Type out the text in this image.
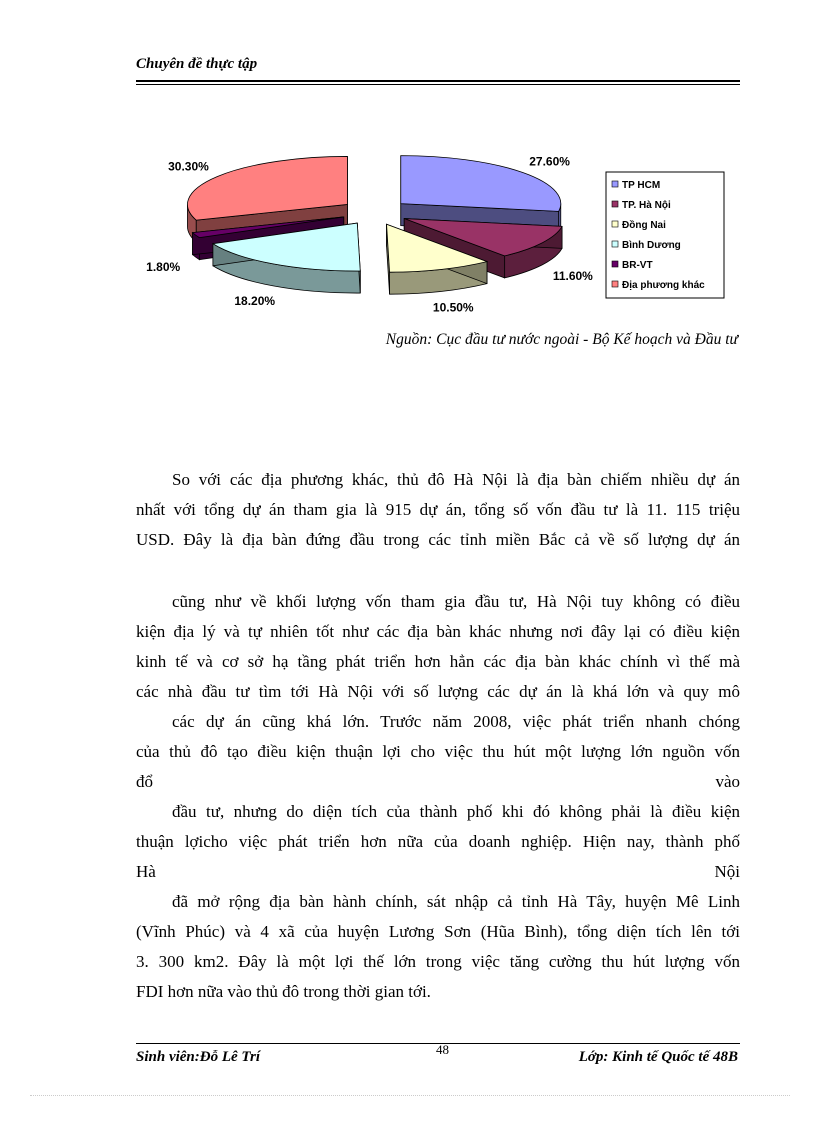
Chuyên đề thực tập
27.60%
11.60%
10.50%
18.20%
1.80%
30.30%
TP HCM
TP. Hà Nội
Đồng Nai
Bình Dương
BR-VT
Địa phương khác
Nguồn: Cục đầu tư nước ngoài - Bộ Kế hoạch và Đầu tư
So với các địa phương khác, thủ đô Hà Nội là địa bàn chiếm nhiều dự án
nhất với tổng dự án tham gia là 915 dự án, tổng số vốn đầu tư là 11. 115 triệu
USD. Đây là địa bàn đứng đầu trong các tỉnh miền Bắc cả về số lượng dự án
cũng như về khối lượng vốn tham gia đầu tư, Hà Nội tuy không có điều
kiện địa lý và tự nhiên tốt như các địa bàn khác nhưng nơi đây lại có điều kiện
kinh tế và cơ sở hạ tầng phát triển hơn hẳn các địa bàn khác chính vì thế mà
các nhà đầu tư tìm tới Hà Nội với số lượng các dự án là khá lớn và quy mô
các dự án cũng khá lớn. Trước năm 2008, việc phát triển nhanh chóng
của thủ đô tạo điều kiện thuận lợi cho việc thu hút một lượng lớn nguồn vốn
đổ	vào
đầu tư, nhưng do diện tích của thành phố khi đó không phải là điều kiện
thuận lợicho việc phát triển hơn nữa của doanh nghiệp. Hiện nay, thành phố
Hà	Nội
đã mở rộng địa bàn hành chính, sát nhập cả tỉnh Hà Tây, huyện Mê Linh
(Vĩnh Phúc) và 4 xã của huyện Lương Sơn (Hũa Bình), tổng diện tích lên tới
3. 300 km2. Đây là một lợi thế lớn trong việc tăng cường thu hút lượng vốn
FDI hơn nữa vào thủ đô trong thời gian tới.
Sinh viên:Đỗ Lê Trí	48	Lớp: Kinh tế Quốc tế 48B
